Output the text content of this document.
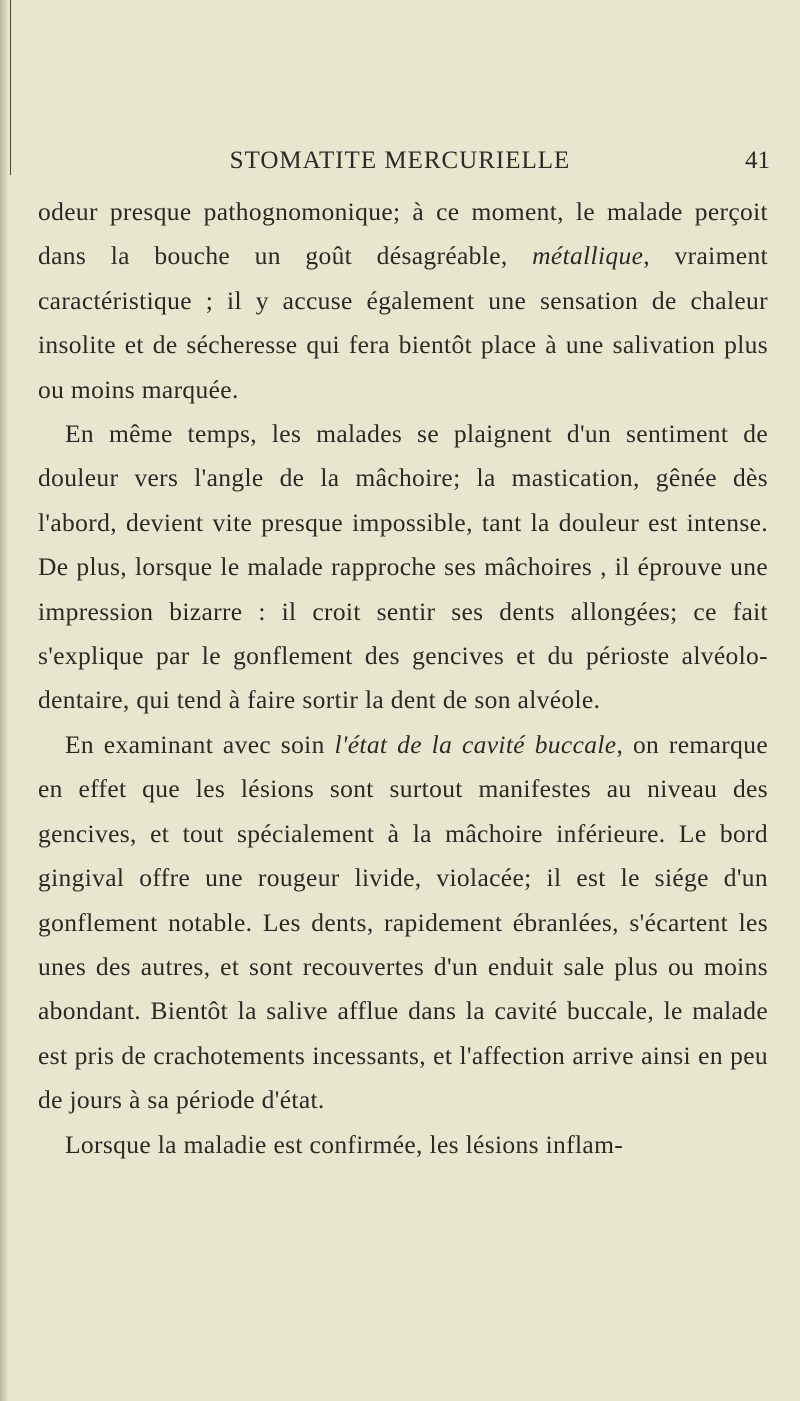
STOMATITE MERCURIELLE	41

odeur presque pathognomonique; à ce moment, le malade perçoit dans la bouche un goût désagréable, métallique, vraiment caractéristique ; il y accuse également une sensation de chaleur insolite et de sécheresse qui fera bientôt place à une salivation plus ou moins marquée.

En même temps, les malades se plaignent d'un sentiment de douleur vers l'angle de la mâchoire; la mastication, gênée dès l'abord, devient vite presque impossible, tant la douleur est intense. De plus, lorsque le malade rapproche ses mâchoires , il éprouve une impression bizarre : il croit sentir ses dents allongées; ce fait s'explique par le gonflement des gencives et du périoste alvéolo-dentaire, qui tend à faire sortir la dent de son alvéole.

En examinant avec soin l'état de la cavité buccale, on remarque en effet que les lésions sont surtout manifestes au niveau des gencives, et tout spécialement à la mâchoire inférieure. Le bord gingival offre une rougeur livide, violacée; il est le siége d'un gonflement notable. Les dents, rapidement ébranlées, s'écartent les unes des autres, et sont recouvertes d'un enduit sale plus ou moins abondant. Bientôt la salive afflue dans la cavité buccale, le malade est pris de crachotements incessants, et l'affection arrive ainsi en peu de jours à sa période d'état.

Lorsque la maladie est confirmée, les lésions inflam-
